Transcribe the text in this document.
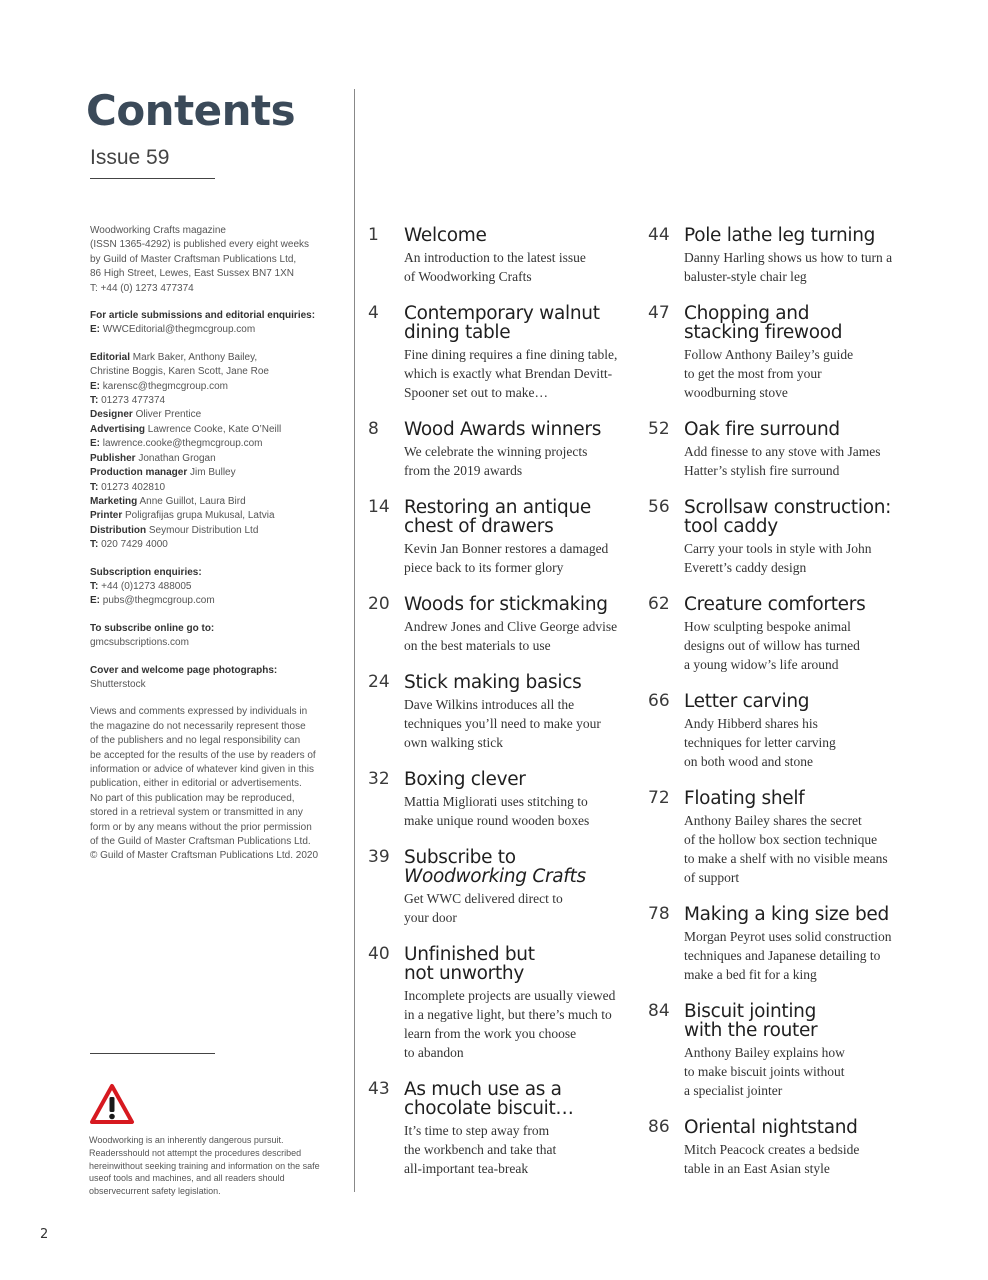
Contents
Issue 59

Woodworking Crafts magazine
(ISSN 1365-4292) is published every eight weeks
by Guild of Master Craftsman Publications Ltd,
86 High Street, Lewes, East Sussex BN7 1XN
T: +44 (0) 1273 477374

For article submissions and editorial enquiries:
E: WWCEditorial@thegmcgroup.com

Editorial Mark Baker, Anthony Bailey,
Christine Boggis, Karen Scott, Jane Roe
E: karensc@thegmcgroup.com
T: 01273 477374
Designer Oliver Prentice
Advertising Lawrence Cooke, Kate O’Neill
E: lawrence.cooke@thegmcgroup.com
Publisher Jonathan Grogan
Production manager Jim Bulley
T: 01273 402810
Marketing Anne Guillot, Laura Bird
Printer Poligrafijas grupa Mukusal, Latvia
Distribution Seymour Distribution Ltd
T: 020 7429 4000

Subscription enquiries:
T: +44 (0)1273 488005
E: pubs@thegmcgroup.com

To subscribe online go to:
gmcsubscriptions.com

Cover and welcome page photographs:
Shutterstock

Views and comments expressed by individuals in
the magazine do not necessarily represent those
of the publishers and no legal responsibility can
be accepted for the results of the use by readers of
information or advice of whatever kind given in this
publication, either in editorial or advertisements.
No part of this publication may be reproduced,
stored in a retrieval system or transmitted in any
form or by any means without the prior permission
of the Guild of Master Craftsman Publications Ltd.
© Guild of Master Craftsman Publications Ltd. 2020

Woodworking is an inherently dangerous pursuit. Readersshould not attempt the procedures described hereinwithout seeking training and information on the safe useof tools and machines, and all readers should observecurrent safety legislation.
1 Welcome
An introduction to the latest issue
of Woodworking Crafts
4 Contemporary walnut
dining table
Fine dining requires a fine dining table,
which is exactly what Brendan Devitt-
Spooner set out to make…
8 Wood Awards winners
We celebrate the winning projects
from the 2019 awards
14 Restoring an antique
chest of drawers
Kevin Jan Bonner restores a damaged
piece back to its former glory
20 Woods for stickmaking
Andrew Jones and Clive George advise
on the best materials to use
24 Stick making basics
Dave Wilkins introduces all the
techniques you’ll need to make your
own walking stick
32 Boxing clever
Mattia Migliorati uses stitching to
make unique round wooden boxes
39 Subscribe to
Woodworking Crafts
Get WWC delivered direct to
your door
40 Unfinished but
not unworthy
Incomplete projects are usually viewed
in a negative light, but there’s much to
learn from the work you choose
to abandon
43 As much use as a
chocolate biscuit…
It’s time to step away from
the workbench and take that
all-important tea-break
44 Pole lathe leg turning
Danny Harling shows us how to turn a
baluster-style chair leg
47 Chopping and
stacking firewood
Follow Anthony Bailey’s guide
to get the most from your
woodburning stove
52 Oak fire surround
Add finesse to any stove with James
Hatter’s stylish fire surround
56 Scrollsaw construction:
tool caddy
Carry your tools in style with John
Everett’s caddy design
62 Creature comforters
How sculpting bespoke animal
designs out of willow has turned
a young widow’s life around
66 Letter carving
Andy Hibberd shares his
techniques for letter carving
on both wood and stone
72 Floating shelf
Anthony Bailey shares the secret
of the hollow box section technique
to make a shelf with no visible means
of support
78 Making a king size bed
Morgan Peyrot uses solid construction
techniques and Japanese detailing to
make a bed fit for a king
84 Biscuit jointing
with the router
Anthony Bailey explains how
to make biscuit joints without
a specialist jointer
86 Oriental nightstand
Mitch Peacock creates a bedside
table in an East Asian style
2
